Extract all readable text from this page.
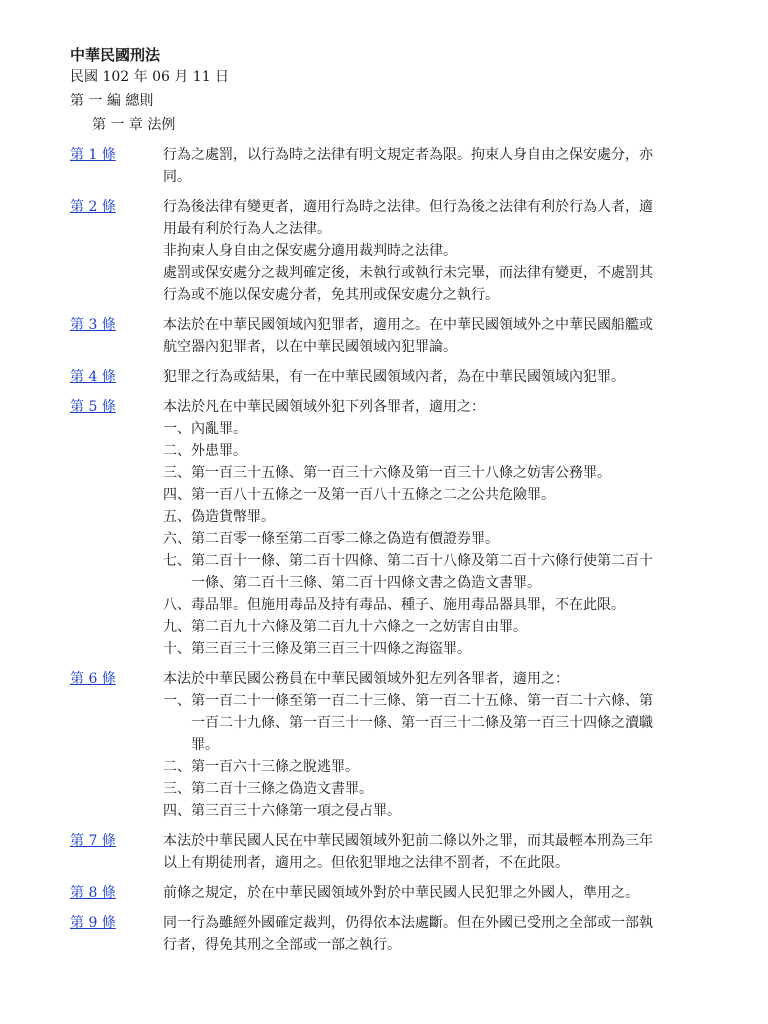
中華民國刑法
民國 102 年 06 月 11 日
第 一 編 總則
第 一 章 法例
第 1 條	行為之處罰，以行為時之法律有明文規定者為限。拘束人身自由之保安處分，亦同。

第 2 條	行為後法律有變更者，適用行為時之法律。但行為後之法律有利於行為人者，適用最有利於行為人之法律。

非拘束人身自由之保安處分適用裁判時之法律。

處罰或保安處分之裁判確定後，未執行或執行未完畢，而法律有變更，不處罰其行為或不施以保安處分者，免其刑或保安處分之執行。

第 3 條	本法於在中華民國領域內犯罪者，適用之。在中華民國領域外之中華民國船艦或航空器內犯罪者，以在中華民國領域內犯罪論。

第 4 條	犯罪之行為或結果，有一在中華民國領域內者，為在中華民國領域內犯罪。

第 5 條	本法於凡在中華民國領域外犯下列各罪者，適用之：

一、內亂罪。

二、外患罪。

三、第一百三十五條、第一百三十六條及第一百三十八條之妨害公務罪。

四、第一百八十五條之一及第一百八十五條之二之公共危險罪。

五、偽造貨幣罪。

六、第二百零一條至第二百零二條之偽造有價證券罪。

七、第二百十一條、第二百十四條、第二百十八條及第二百十六條行使第二百十一條、第二百十三條、第二百十四條文書之偽造文書罪。

八、毒品罪。但施用毒品及持有毒品、種子、施用毒品器具罪，不在此限。

九、第二百九十六條及第二百九十六條之一之妨害自由罪。

十、第三百三十三條及第三百三十四條之海盜罪。

第 6 條	本法於中華民國公務員在中華民國領域外犯左列各罪者，適用之：

一、第一百二十一條至第一百二十三條、第一百二十五條、第一百二十六條、第一百二十九條、第一百三十一條、第一百三十二條及第一百三十四條之瀆職罪。

二、第一百六十三條之脫逃罪。

三、第二百十三條之偽造文書罪。

四、第三百三十六條第一項之侵占罪。

第 7 條	本法於中華民國人民在中華民國領域外犯前二條以外之罪，而其最輕本刑為三年以上有期徒刑者，適用之。但依犯罪地之法律不罰者，不在此限。

第 8 條	前條之規定，於在中華民國領域外對於中華民國人民犯罪之外國人，準用之。

第 9 條	同一行為雖經外國確定裁判，仍得依本法處斷。但在外國已受刑之全部或一部執行者，得免其刑之全部或一部之執行。
